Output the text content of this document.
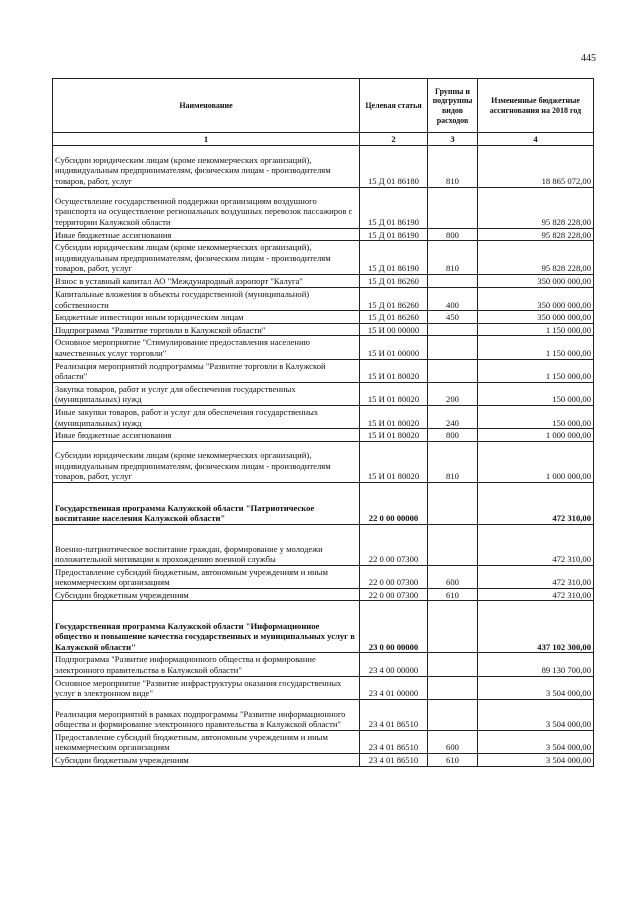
445
Наименование	Целевая статья	Группы и подгруппы видов расходов	Измененные бюджетные ассигнования на 2018 год
1	2	3	4
Субсидии юридическим лицам (кроме некоммерческих организаций), индивидуальным предпринимателям, физическим лицам - производителям товаров, работ, услуг	15 Д 01 86180	810	18 865 072,00
Осуществление государственной поддержки организациям воздушного транспорта на осуществление региональных воздушных перевозок пассажиров с территории Калужской области	15 Д 01 86190		95 828 228,00
Иные бюджетные ассигнования	15 Д 01 86190	800	95 828 228,00
Субсидии юридическим лицам (кроме некоммерческих организаций), индивидуальным предпринимателям, физическим лицам - производителям товаров, работ, услуг	15 Д 01 86190	810	95 828 228,00
Взнос в уставный капитал АО "Международный аэропорт "Калуга"	15 Д 01 86260		350 000 000,00
Капитальные вложения в объекты государственной (муниципальной) собственности	15 Д 01 86260	400	350 000 000,00
Бюджетные инвестиции иным юридическим лицам	15 Д 01 86260	450	350 000 000,00
Подпрограмма "Развитие торговли в Калужской области"	15 И 00 00000		1 150 000,00
Основное мероприятие "Стимулирование предоставления населению качественных услуг торговли"	15 И 01 00000		1 150 000,00
Реализация мероприятий подпрограммы "Развитие торговли в Калужской области"	15 И 01 80020		1 150 000,00
Закупка товаров, работ и услуг для обеспечения государственных (муниципальных) нужд	15 И 01 80020	200	150 000,00
Иные закупки товаров, работ и услуг для обеспечения государственных (муниципальных) нужд	15 И 01 80020	240	150 000,00
Иные бюджетные ассигнования	15 И 01 80020	800	1 000 000,00
Субсидии юридическим лицам (кроме некоммерческих организаций), индивидуальным предпринимателям, физическим лицам - производителям товаров, работ, услуг	15 И 01 80020	810	1 000 000,00
Государственная программа Калужской области "Патриотическое воспитание населения Калужской области"	22 0 00 00000		472 310,00
Военно-патриотическое воспитание граждан, формирование у молодежи положительной мотивации к прохождению военной службы	22 0 00 07300		472 310,00
Предоставление субсидий бюджетным, автономным учреждениям и иным некоммерческим организациям	22 0 00 07300	600	472 310,00
Субсидии бюджетным учреждениям	22 0 00 07300	610	472 310,00
Государственная программа Калужской области "Информационное общество и повышение качества государственных и муниципальных услуг в Калужской области"	23 0 00 00000		437 102 300,00
Подпрограмма "Развитие информационного общества и формирование электронного правительства в Калужской области"	23 4 00 00000		89 130 700,00
Основное мероприятие "Развитие инфраструктуры оказания государственных услуг в электронном виде"	23 4 01 00000		3 504 000,00
Реализация мероприятий в рамках подпрограммы "Развитие информационного общества и формирование электронного правительства в Калужской области"	23 4 01 86510		3 504 000,00
Предоставление субсидий бюджетным, автономным учреждениям и иным некоммерческим организациям	23 4 01 86510	600	3 504 000,00
Субсидии бюджетным учреждениям	23 4 01 86510	610	3 504 000,00
